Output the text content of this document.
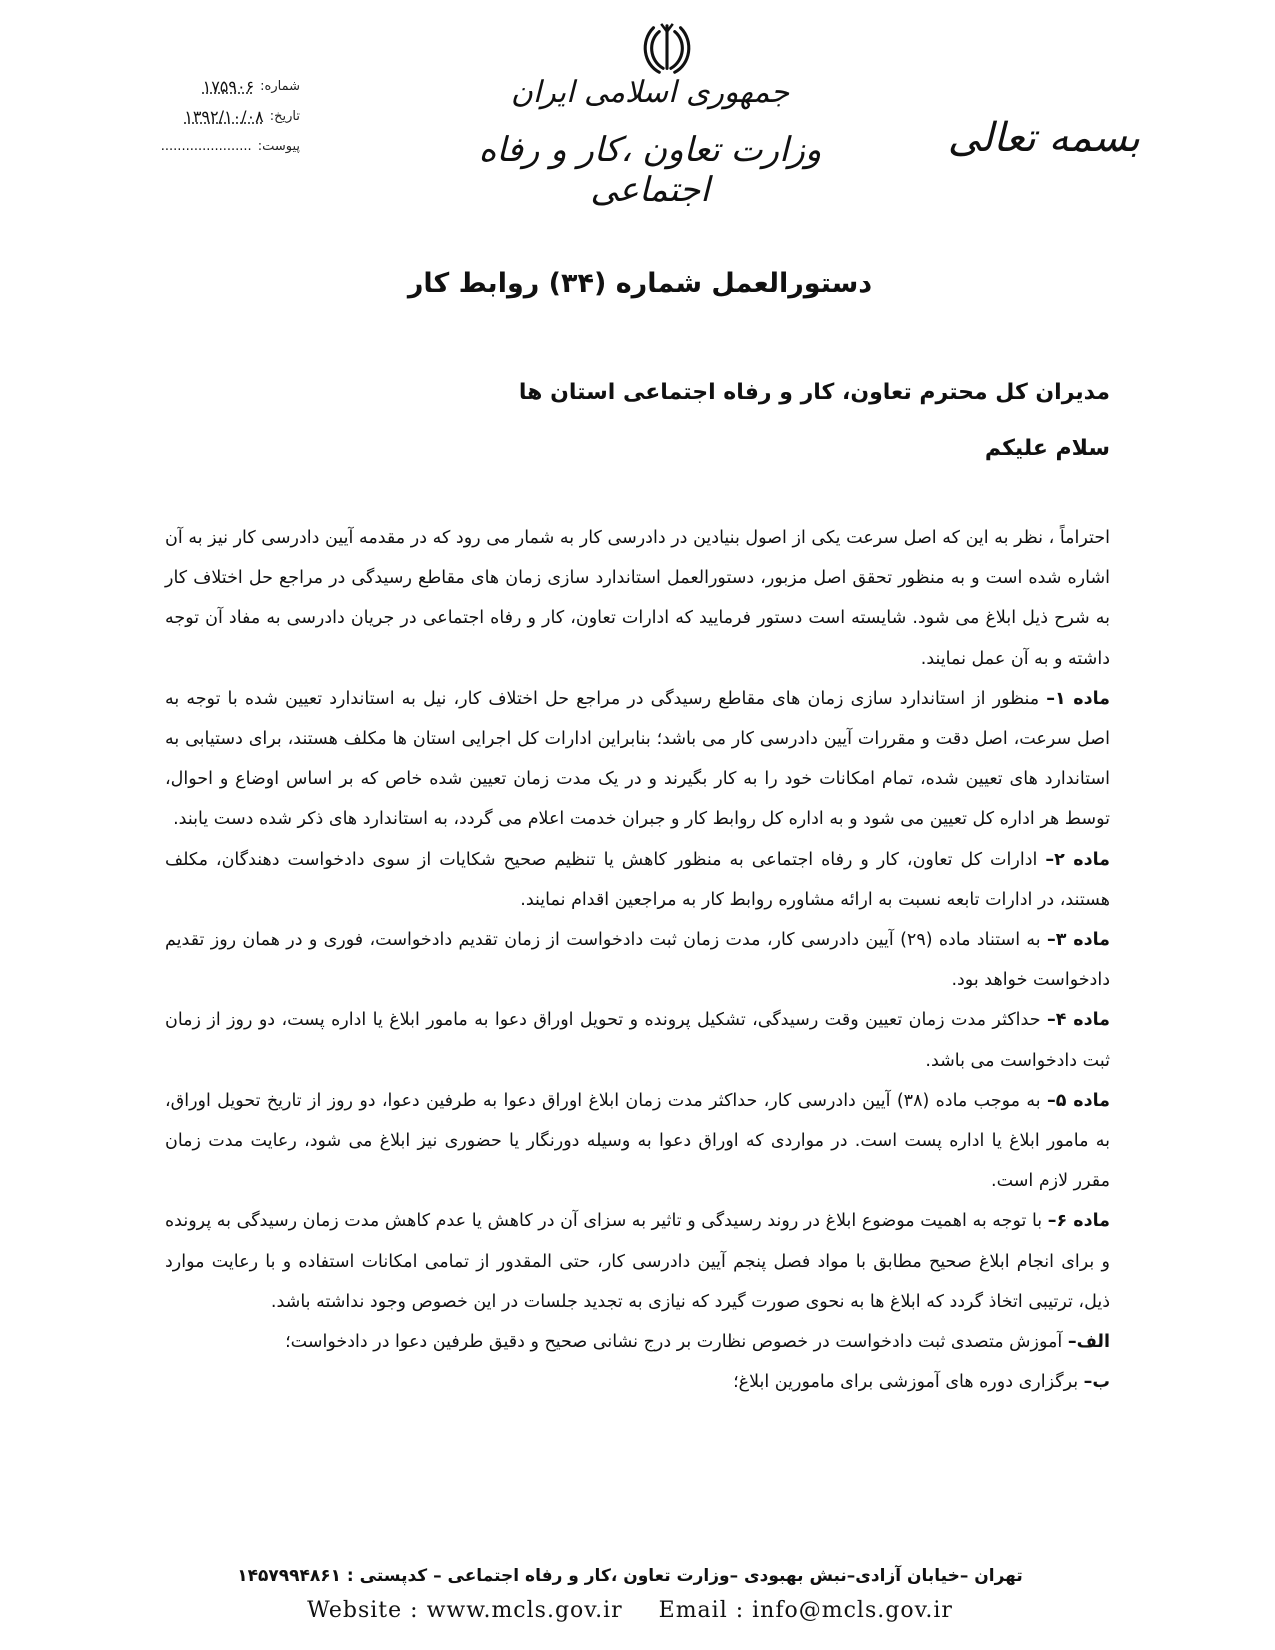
بسمه تعالی
جمهوری اسلامی ایران
وزارت تعاون ،کار و رفاه اجتماعی
شماره:
۱۷۵۹۰۶
تاریخ:
۱۳۹۲/۱۰/۰۸
پیوست:
......................
دستورالعمل شماره (۳۴) روابط کار
مدیران کل محترم تعاون، کار و رفاه اجتماعی استان ها
سلام علیکم

احتراماً ، نظر به این که اصل سرعت یکی از اصول بنیادین در دادرسی کار به شمار می رود که در مقدمه آیین دادرسی کار نیز به آن اشاره شده است و به منظور تحقق اصل مزبور، دستورالعمل استاندارد سازی زمان های مقاطع رسیدگی در مراجع حل اختلاف کار به شرح ذیل ابلاغ می شود. شایسته است دستور فرمایید که ادارات تعاون، کار و رفاه اجتماعی در جریان دادرسی به مفاد آن توجه داشته و به آن عمل نمایند.

ماده ۱– منظور از استاندارد سازی زمان های مقاطع رسیدگی در مراجع حل اختلاف کار، نیل به استاندارد تعیین شده با توجه به اصل سرعت، اصل دقت و مقررات آیین دادرسی کار می باشد؛ بنابراین ادارات کل اجرایی استان ها مکلف هستند، برای دستیابی به استاندارد های تعیین شده، تمام امکانات خود را به کار بگیرند و در یک مدت زمان تعیین شده خاص که بر اساس اوضاع و احوال، توسط هر اداره کل تعیین می شود و به اداره کل روابط کار و جبران خدمت اعلام می گردد، به استاندارد های ذکر شده دست یابند.

ماده ۲– ادارات کل تعاون، کار و رفاه اجتماعی به منظور کاهش یا تنظیم صحیح شکایات از سوی دادخواست دهندگان، مکلف هستند، در ادارات تابعه نسبت به ارائه مشاوره روابط کار به مراجعین اقدام نمایند.

ماده ۳– به استناد ماده (۲۹) آیین دادرسی کار، مدت زمان ثبت دادخواست از زمان تقدیم دادخواست، فوری و در همان روز تقدیم دادخواست خواهد بود.

ماده ۴– حداکثر مدت زمان تعیین وقت رسیدگی، تشکیل پرونده و تحویل اوراق دعوا به مامور ابلاغ یا اداره پست، دو روز از زمان ثبت دادخواست می باشد.

ماده ۵– به موجب ماده (۳۸) آیین دادرسی کار، حداکثر مدت زمان ابلاغ اوراق دعوا به طرفین دعوا، دو روز از تاریخ تحویل اوراق، به مامور ابلاغ یا اداره پست است. در مواردی که اوراق دعوا به وسیله دورنگار یا حضوری نیز ابلاغ می شود، رعایت مدت زمان مقرر لازم است.

ماده ۶– با توجه به اهمیت موضوع ابلاغ در روند رسیدگی و تاثیر به سزای آن در کاهش یا عدم کاهش مدت زمان رسیدگی به پرونده و برای انجام ابلاغ صحیح مطابق با مواد فصل پنجم آیین دادرسی کار، حتی المقدور از تمامی امکانات استفاده و با رعایت موارد ذیل، ترتیبی اتخاذ گردد که ابلاغ ها به نحوی صورت گیرد که نیازی به تجدید جلسات در این خصوص وجود نداشته باشد.

الف– آموزش متصدی ثبت دادخواست در خصوص نظارت بر درج نشانی صحیح و دقیق طرفین دعوا در دادخواست؛

ب– برگزاری دوره های آموزشی برای مامورین ابلاغ؛

تهران –خیابان آزادی–نبش بهبودی –وزارت تعاون ،کار و رفاه اجتماعی – کدپستی : ۱۴۵۷۹۹۴۸۶۱
Website : www.mcls.gov.ir Email : info@mcls.gov.ir
